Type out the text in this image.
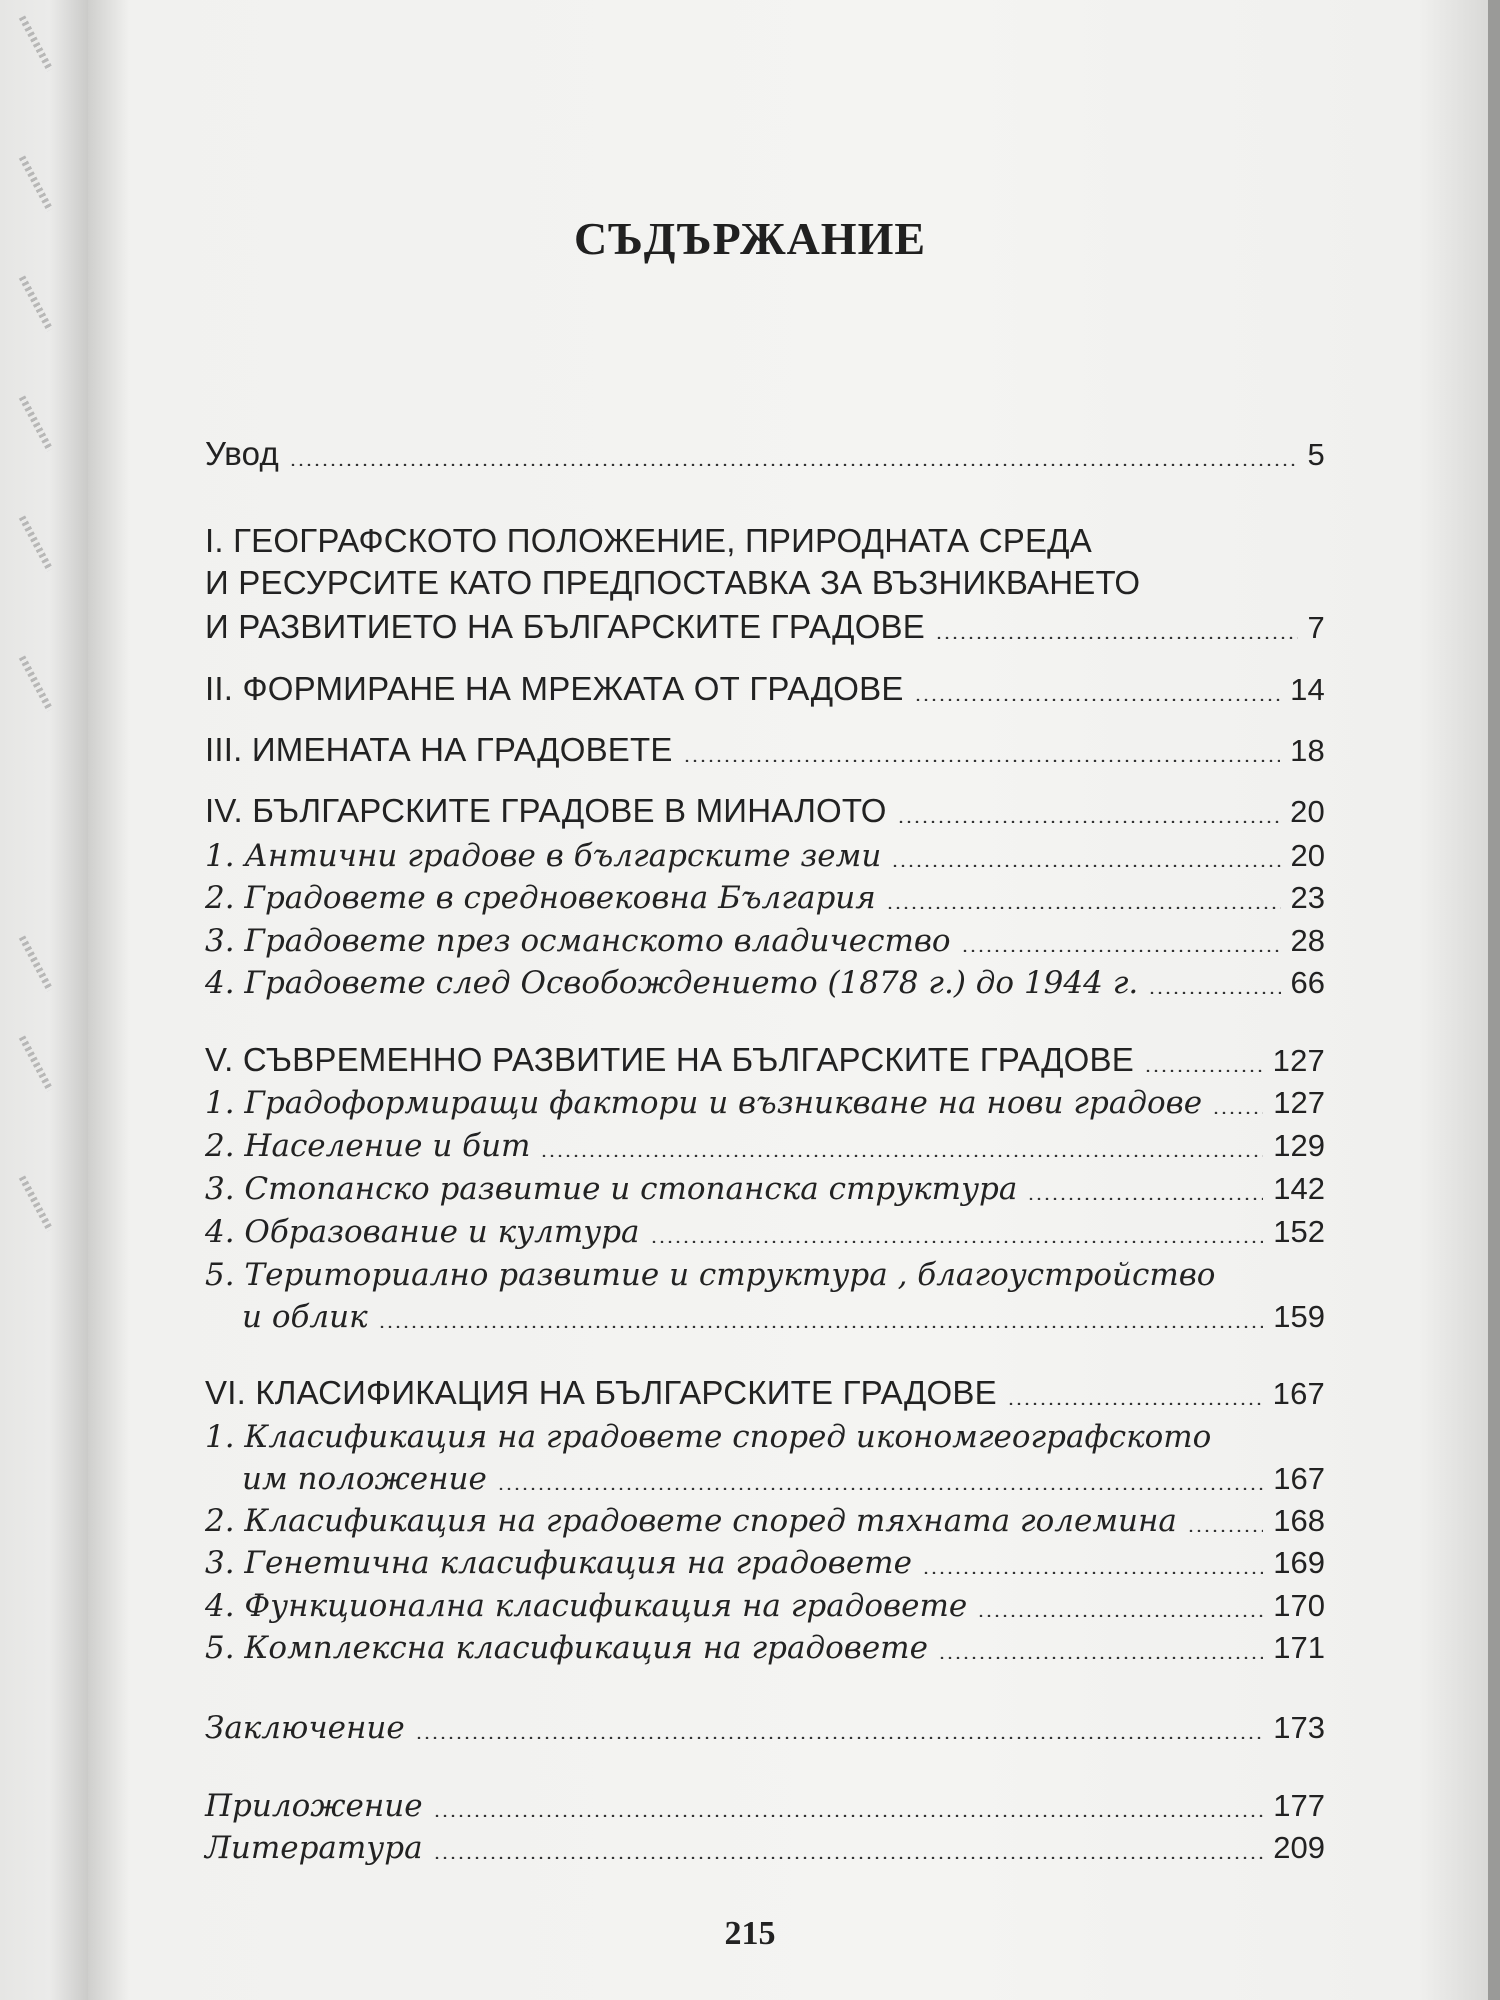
СЪДЪРЖАНИЕ
Увод	5
I. ГЕОГРАФСКОТО ПОЛОЖЕНИЕ, ПРИРОДНАТА СРЕДА
И РЕСУРСИТЕ КАТО ПРЕДПОСТАВКА ЗА ВЪЗНИКВАНЕТО
И РАЗВИТИЕТО НА БЪЛГАРСКИТЕ ГРАДОВЕ	7
II. ФОРМИРАНЕ НА МРЕЖАТА ОТ ГРАДОВЕ	14
III. ИМЕНАТА НА ГРАДОВЕТЕ	18
IV. БЪЛГАРСКИТЕ ГРАДОВЕ В МИНАЛОТО	20
1. Антични градове в българските земи	20
2. Градовете в средновековна България	23
3. Градовете през османското владичество	28
4. Градовете след Освобождението (1878 г.) до 1944 г.	66
V. СЪВРЕМЕННО РАЗВИТИЕ НА БЪЛГАРСКИТЕ ГРАДОВЕ	127
1. Градоформиращи фактори и възникване на нови градове 127
2. Население и бит	129
3. Стопанско развитие и стопанска структура	142
4. Образование и култура	152
5. Териториално развитие и структура , благоустройство
и облик	159
VI. КЛАСИФИКАЦИЯ НА БЪЛГАРСКИТЕ ГРАДОВЕ	167
1. Класификация на градовете според икономгеографското
им положение	167
2. Класификация на градовете според тяхната големина	168
3. Генетична класификация на градовете	169
4. Функционална класификация на градовете	170
5. Комплексна класификация на градовете	171
Заключение	173
Приложение	177
Литература	209
215
